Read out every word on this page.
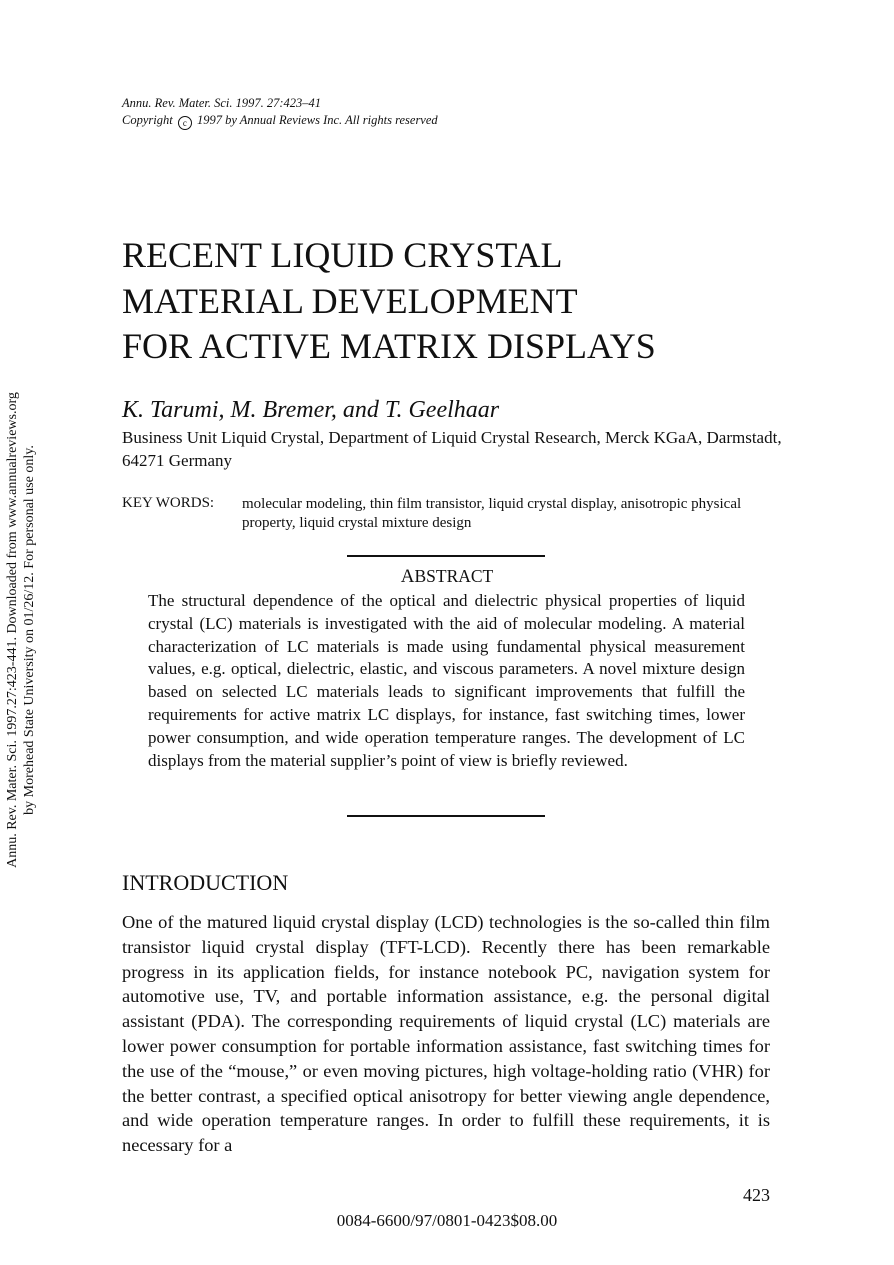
Annu. Rev. Mater. Sci. 1997.27:423-441. Downloaded from www.annualreviews.org by Morehead State University on 01/26/12. For personal use only.
Annu. Rev. Mater. Sci. 1997. 27:423–41
Copyright c 1997 by Annual Reviews Inc. All rights reserved
RECENT LIQUID CRYSTAL
MATERIAL DEVELOPMENT
FOR ACTIVE MATRIX DISPLAYS
K. Tarumi, M. Bremer, and T. Geelhaar
Business Unit Liquid Crystal, Department of Liquid Crystal Research, Merck KGaA, Darmstadt, 64271 Germany
KEY WORDS: molecular modeling, thin film transistor, liquid crystal display, anisotropic physical property, liquid crystal mixture design
ABSTRACT
The structural dependence of the optical and dielectric physical properties of liquid crystal (LC) materials is investigated with the aid of molecular modeling. A material characterization of LC materials is made using fundamental physical measurement values, e.g. optical, dielectric, elastic, and viscous parameters. A novel mixture design based on selected LC materials leads to significant improvements that fulfill the requirements for active matrix LC displays, for instance, fast switching times, lower power consumption, and wide operation temperature ranges. The development of LC displays from the material supplier’s point of view is briefly reviewed.
INTRODUCTION
One of the matured liquid crystal display (LCD) technologies is the so-called thin film transistor liquid crystal display (TFT-LCD). Recently there has been remarkable progress in its application fields, for instance notebook PC, navigation system for automotive use, TV, and portable information assistance, e.g. the personal digital assistant (PDA). The corresponding requirements of liquid crystal (LC) materials are lower power consumption for portable information assistance, fast switching times for the use of the “mouse,” or even moving pictures, high voltage-holding ratio (VHR) for the better contrast, a specified optical anisotropy for better viewing angle dependence, and wide operation temperature ranges. In order to fulfill these requirements, it is necessary for a
423
0084-6600/97/0801-0423$08.00
